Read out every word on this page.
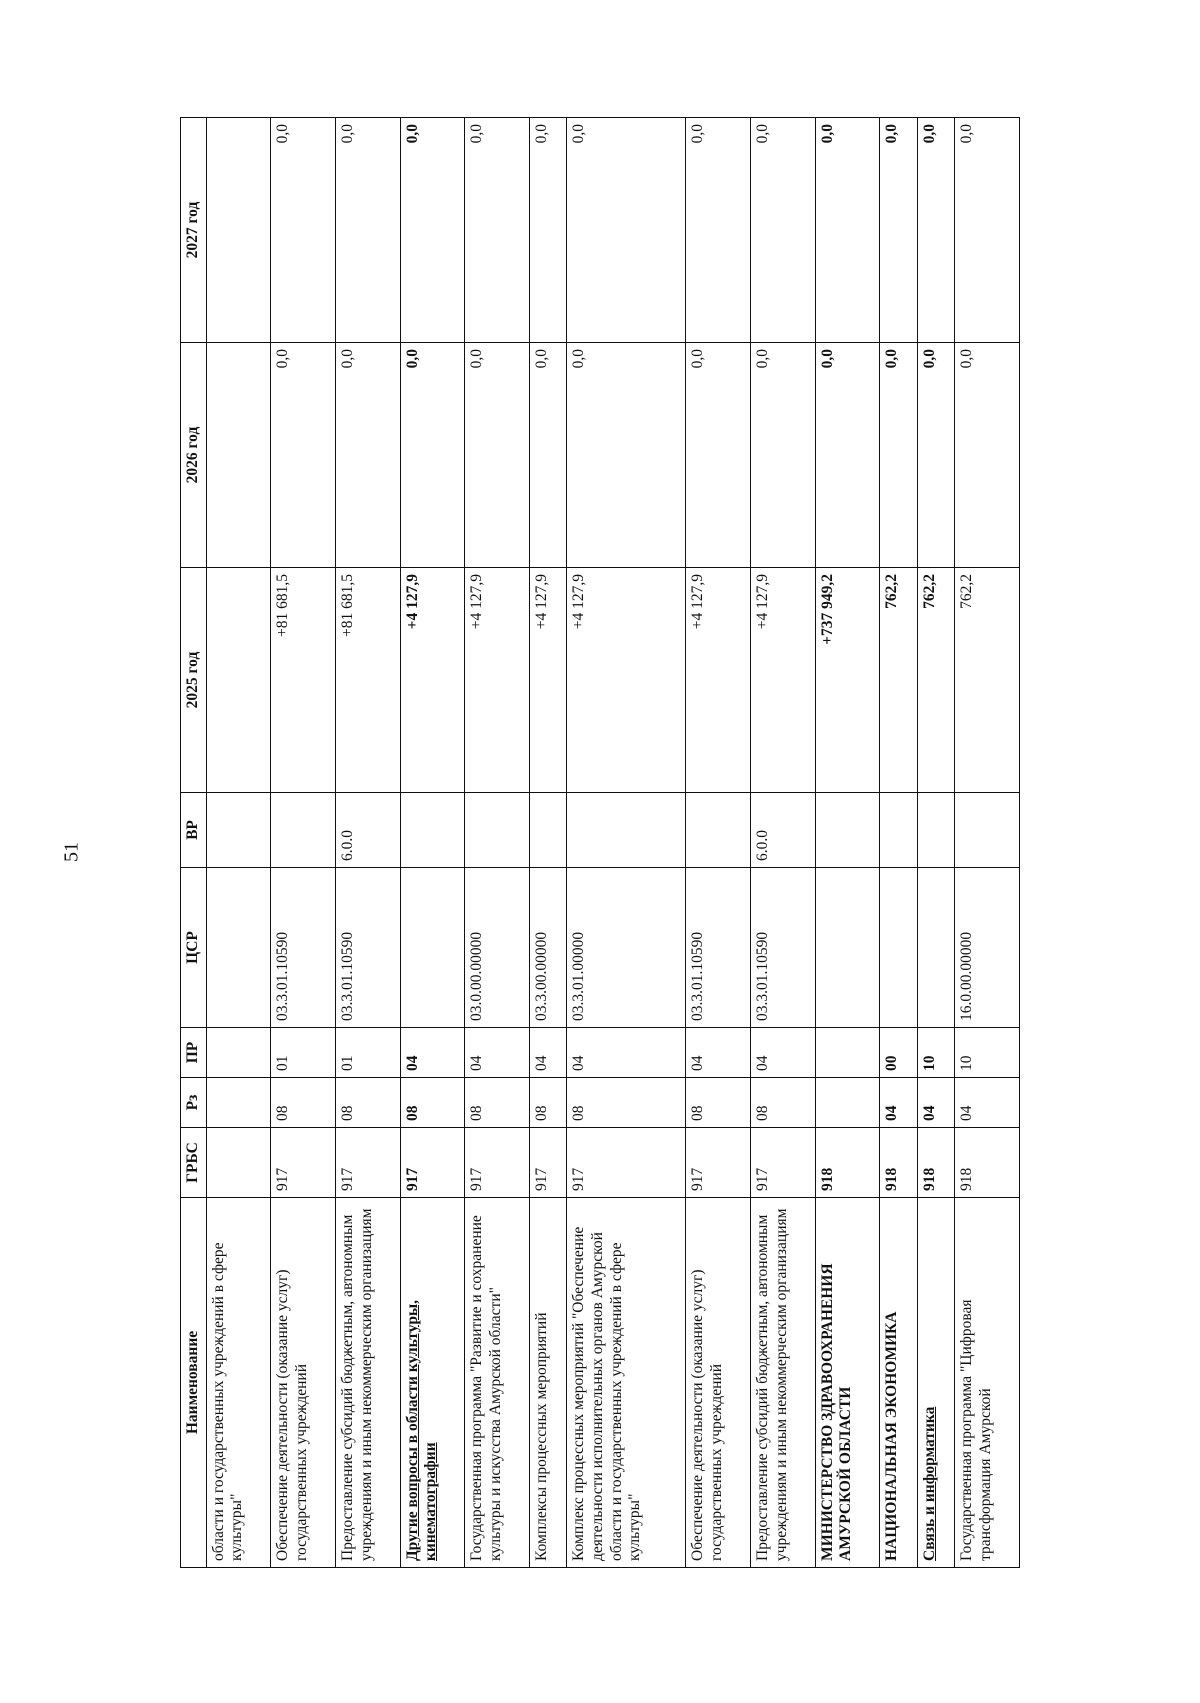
51
Наименование	ГРБС	Рз	ПР	ЦСР	ВР	2025 год	2026 год	2027 год
области и государственных учреждений в сфере культуры"								
Обеспечение деятельности (оказание услуг) государственных учреждений	917	08	01	03.3.01.10590		+81 681,5	0,0	0,0
Предоставление субсидий бюджетным, автономным учреждениям и иным некоммерческим организациям	917	08	01	03.3.01.10590	6.0.0	+81 681,5	0,0	0,0
Другие вопросы в области культуры, кинематографии	917	08	04			+4 127,9	0,0	0,0
Государственная программа "Развитие и сохранение культуры и искусства Амурской области"	917	08	04	03.0.00.00000		+4 127,9	0,0	0,0
Комплексы процессных мероприятий	917	08	04	03.3.00.00000		+4 127,9	0,0	0,0
Комплекс процессных мероприятий "Обеспечение деятельности исполнительных органов Амурской области и государственных учреждений в сфере культуры"	917	08	04	03.3.01.00000		+4 127,9	0,0	0,0
Обеспечение деятельности (оказание услуг) государственных учреждений	917	08	04	03.3.01.10590		+4 127,9	0,0	0,0
Предоставление субсидий бюджетным, автономным учреждениям и иным некоммерческим организациям	917	08	04	03.3.01.10590	6.0.0	+4 127,9	0,0	0,0
МИНИСТЕРСТВО ЗДРАВООХРАНЕНИЯ АМУРСКОЙ ОБЛАСТИ	918					+737 949,2	0,0	0,0
НАЦИОНАЛЬНАЯ ЭКОНОМИКА	918	04	00			762,2	0,0	0,0
Связь и информатика	918	04	10			762,2	0,0	0,0
Государственная программа "Цифровая трансформация Амурской	918	04	10	16.0.00.00000		762,2	0,0	0,0
